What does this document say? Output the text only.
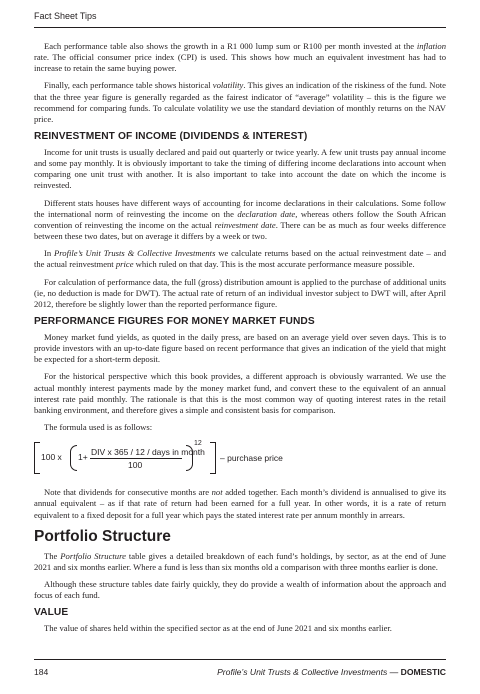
Fact Sheet Tips

Each performance table also shows the growth in a R1 000 lump sum or R100 per month invested at the inflation rate. The official consumer price index (CPI) is used. This shows how much an equivalent investment has had to increase to retain the same buying power.

Finally, each performance table shows historical volatility. This gives an indication of the riskiness of the fund. Note that the three year figure is generally regarded as the fairest indicator of “average” volatility – this is the figure we recommend for comparing funds. To calculate volatility we use the standard deviation of monthly returns on the NAV price.

REINVESTMENT OF INCOME (DIVIDENDS & INTEREST)

Income for unit trusts is usually declared and paid out quarterly or twice yearly. A few unit trusts pay annual income and some pay monthly. It is obviously important to take the timing of differing income declarations into account when comparing one unit trust with another. It is also important to take into account the date on which the income is reinvested.

Different stats houses have different ways of accounting for income declarations in their calculations. Some follow the international norm of reinvesting the income on the declaration date, whereas others follow the South African convention of reinvesting the income on the actual reinvestment date. There can be as much as four weeks difference between these two dates, but on average it differs by a week or two.

In Profile’s Unit Trusts & Collective Investments we calculate returns based on the actual reinvestment date – and the actual reinvestment price which ruled on that day. This is the most accurate performance measure possible.

For calculation of performance data, the full (gross) distribution amount is applied to the purchase of additional units (ie, no deduction is made for DWT). The actual rate of return of an individual investor subject to DWT will, after April 2012, therefore be slightly lower than the reported performance figure.

PERFORMANCE FIGURES FOR MONEY MARKET FUNDS

Money market fund yields, as quoted in the daily press, are based on an average yield over seven days. This is to provide investors with an up-to-date figure based on recent performance that gives an indication of the yield that might be expected for a short-term deposit.

For the historical perspective which this book provides, a different approach is obviously warranted. We use the actual monthly interest payments made by the money market fund, and convert these to the equivalent of an annual interest rate paid monthly. The rationale is that this is the most common way of quoting interest rates in the retail banking environment, and therefore gives a simple and consistent basis for comparison.

The formula used is as follows:

100 x 1+ DIV x 365 / 12 / days in month
100
12
– purchase price

Note that dividends for consecutive months are not added together. Each month’s dividend is annualised to give its annual equivalent – as if that rate of return had been earned for a full year. In other words, it is a rate of return equivalent to a fixed deposit for a full year which pays the stated interest rate per annum monthly in arrears.

Portfolio Structure

The Portfolio Structure table gives a detailed breakdown of each fund’s holdings, by sector, as at the end of June 2021 and six months earlier. Where a fund is less than six months old a comparison with three months earlier is done.

Although these structure tables date fairly quickly, they do provide a wealth of information about the approach and focus of each fund.

VALUE

The value of shares held within the specified sector as at the end of June 2021 and six months earlier.

184	Profile’s Unit Trusts & Collective Investments — DOMESTIC
